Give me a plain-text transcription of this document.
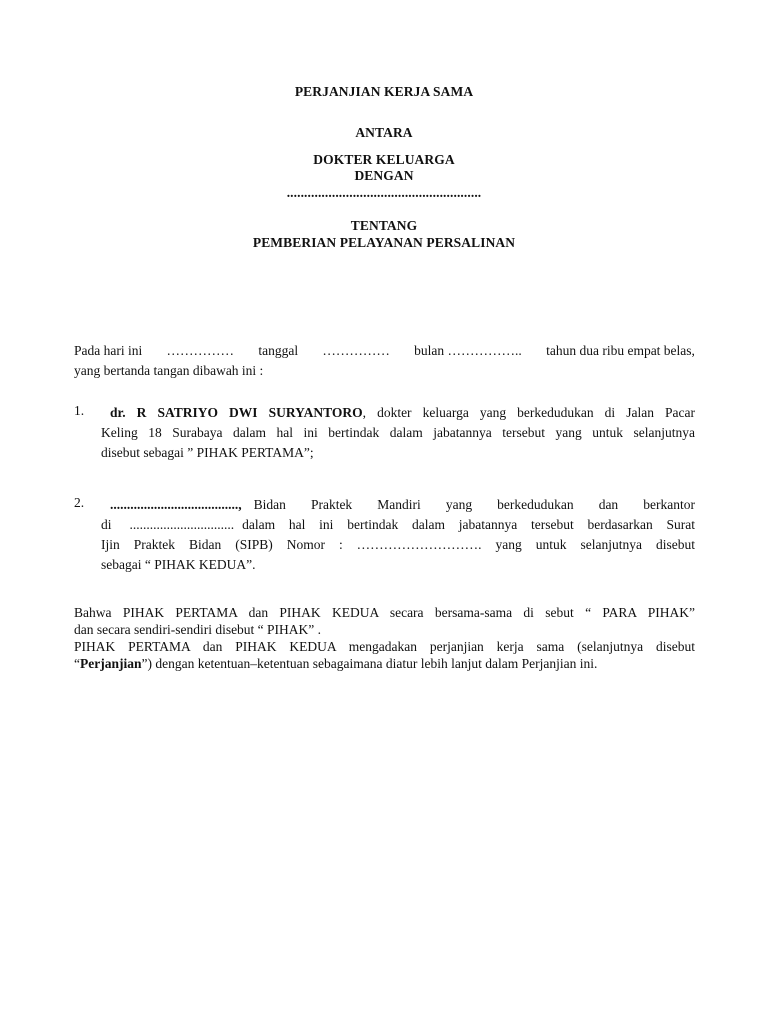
PERJANJIAN KERJA SAMA
ANTARA
DOKTER KELUARGA
DENGAN
........................................................
TENTANG
PEMBERIAN PELAYANAN PERSALINAN
Pada hari ini …………… tanggal …………… bulan …………….. tahun dua ribu empat belas,
yang bertanda tangan dibawah ini :
1.	dr. R SATRIYO DWI SURYANTORO, dokter keluarga yang berkedudukan di Jalan Pacar
Keling 18 Surabaya dalam hal ini bertindak dalam jabatannya tersebut yang untuk selanjutnya
disebut sebagai ” PIHAK PERTAMA”;
2.	......................................, Bidan Praktek Mandiri yang berkedudukan dan berkantor
di ............................... dalam hal ini bertindak dalam jabatannya tersebut berdasarkan Surat
Ijin Praktek Bidan (SIPB) Nomor : ………………………. yang untuk selanjutnya disebut
sebagai “ PIHAK KEDUA”.
Bahwa PIHAK PERTAMA dan PIHAK KEDUA secara bersama-sama di sebut “ PARA PIHAK”
dan secara sendiri-sendiri disebut “ PIHAK” .
PIHAK PERTAMA dan PIHAK KEDUA mengadakan perjanjian kerja sama (selanjutnya disebut
“Perjanjian”) dengan ketentuan–ketentuan sebagaimana diatur lebih lanjut dalam Perjanjian ini.
